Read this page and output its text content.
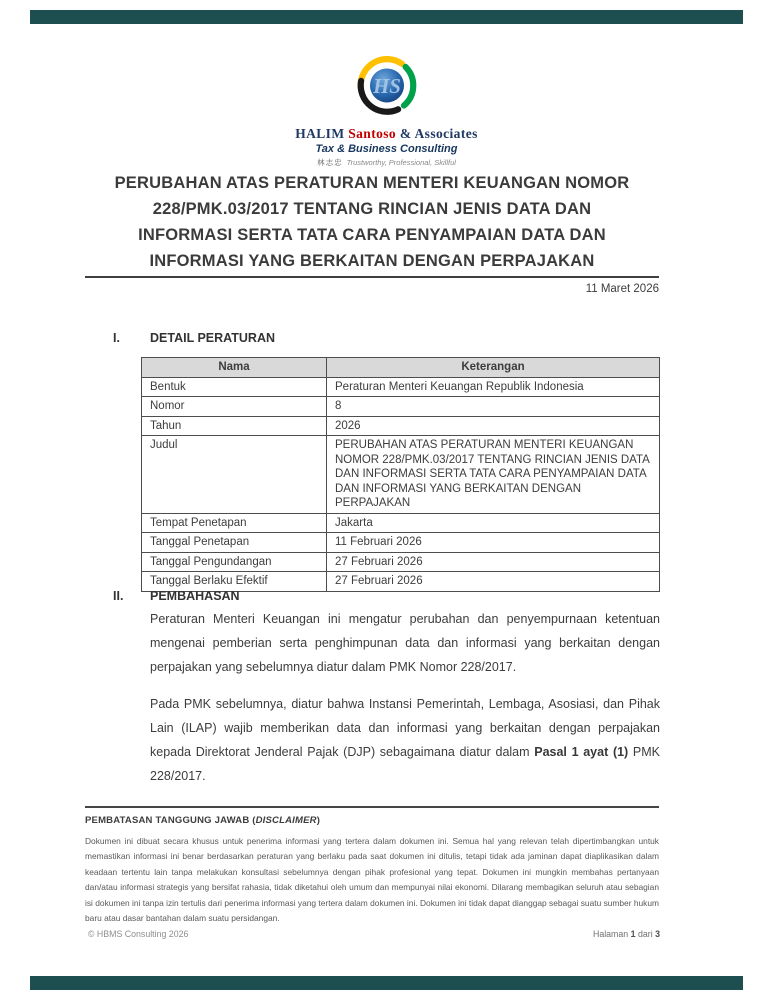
HS
HALIM Santoso & Associates
Tax & Business Consulting
林志忠 Trustworthy, Professional, Skillful
PERUBAHAN ATAS PERATURAN MENTERI KEUANGAN NOMOR
228/PMK.03/2017 TENTANG RINCIAN JENIS DATA DAN
INFORMASI SERTA TATA CARA PENYAMPAIAN DATA DAN
INFORMASI YANG BERKAITAN DENGAN PERPAJAKAN
11 Maret 2026
I.	DETAIL PERATURAN
Nama	Keterangan
Bentuk	Peraturan Menteri Keuangan Republik Indonesia
Nomor	8
Tahun	2026
Judul	PERUBAHAN ATAS PERATURAN MENTERI KEUANGAN NOMOR 228/PMK.03/2017 TENTANG RINCIAN JENIS DATA DAN INFORMASI SERTA TATA CARA PENYAMPAIAN DATA DAN INFORMASI YANG BERKAITAN DENGAN PERPAJAKAN
Tempat Penetapan	Jakarta
Tanggal Penetapan	11 Februari 2026
Tanggal Pengundangan	27 Februari 2026
Tanggal Berlaku Efektif	27 Februari 2026
II.	PEMBAHASAN
Peraturan Menteri Keuangan ini mengatur perubahan dan penyempurnaan ketentuan mengenai pemberian serta penghimpunan data dan informasi yang berkaitan dengan perpajakan yang sebelumnya diatur dalam PMK Nomor 228/2017.
Pada PMK sebelumnya, diatur bahwa Instansi Pemerintah, Lembaga, Asosiasi, dan Pihak Lain (ILAP) wajib memberikan data dan informasi yang berkaitan dengan perpajakan kepada Direktorat Jenderal Pajak (DJP) sebagaimana diatur dalam Pasal 1 ayat (1) PMK 228/2017.
PEMBATASAN TANGGUNG JAWAB (DISCLAIMER)
Dokumen ini dibuat secara khusus untuk penerima informasi yang tertera dalam dokumen ini. Semua hal yang relevan telah dipertimbangkan untuk memastikan informasi ini benar berdasarkan peraturan yang berlaku pada saat dokumen ini ditulis, tetapi tidak ada jaminan dapat diaplikasikan dalam keadaan tertentu lain tanpa melakukan konsultasi sebelumnya dengan pihak profesional yang tepat. Dokumen ini mungkin membahas pertanyaan dan/atau informasi strategis yang bersifat rahasia, tidak diketahui oleh umum dan mempunyai nilai ekonomi. Dilarang membagikan seluruh atau sebagian isi dokumen ini tanpa izin tertulis dari penerima informasi yang tertera dalam dokumen ini. Dokumen ini tidak dapat dianggap sebagai suatu sumber hukum baru atau dasar bantahan dalam suatu persidangan.
© HBMS Consulting 2026	Halaman 1 dari 3
